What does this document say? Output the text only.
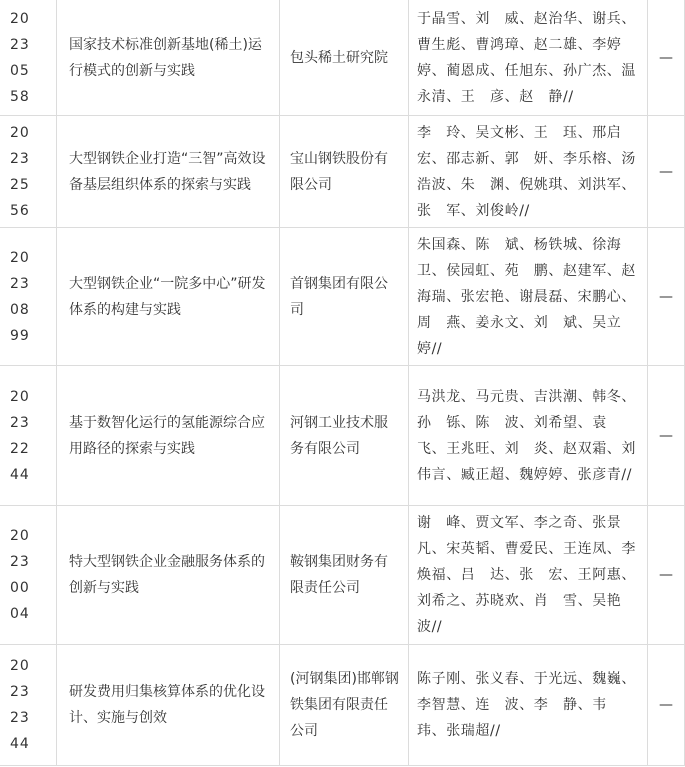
20230558	国家技术标准创新基地(稀土)运行模式的创新与实践	包头稀土研究院	于晶雪、刘　威、赵治华、谢兵、曹生彪、曹鸿璋、赵二雄、李婷婷、蔺恩成、任旭东、孙广杰、温永清、王　彦、赵　静//	—

20232556	大型钢铁企业打造“三智”高效设备基层组织体系的探索与实践	宝山钢铁股份有限公司	李　玲、吴文彬、王　珏、邢启宏、邵志新、郭　妍、李乐榕、汤浩波、朱　渊、倪姚琪、刘洪军、张　军、刘俊岭//	—

20230899	大型钢铁企业“一院多中心”研发体系的构建与实践	首钢集团有限公司	朱国森、陈　斌、杨铁城、徐海卫、侯园虹、苑　鹏、赵建军、赵海瑞、张宏艳、谢晨磊、宋鹏心、周　燕、姜永文、刘　斌、吴立婷//	—

20232244	基于数智化运行的氢能源综合应用路径的探索与实践	河钢工业技术服务有限公司	马洪龙、马元贵、吉洪潮、韩冬、孙　铄、陈　波、刘希望、袁　飞、王兆旺、刘　炎、赵双霜、刘伟言、臧正超、魏婷婷、张彦青//	—

20230004	特大型钢铁企业金融服务体系的创新与实践	鞍钢集团财务有限责任公司	谢　峰、贾文军、李之奇、张景凡、宋英韬、曹爱民、王连凤、李焕福、吕　达、张　宏、王阿惠、刘希之、苏晓欢、肖　雪、吴艳波//	—

20232344	研发费用归集核算体系的优化设计、实施与创效	(河钢集团)邯郸钢铁集团有限责任公司	陈子刚、张义春、于光远、魏巍、李智慧、连　波、李　静、韦　玮、张瑞超//	—
